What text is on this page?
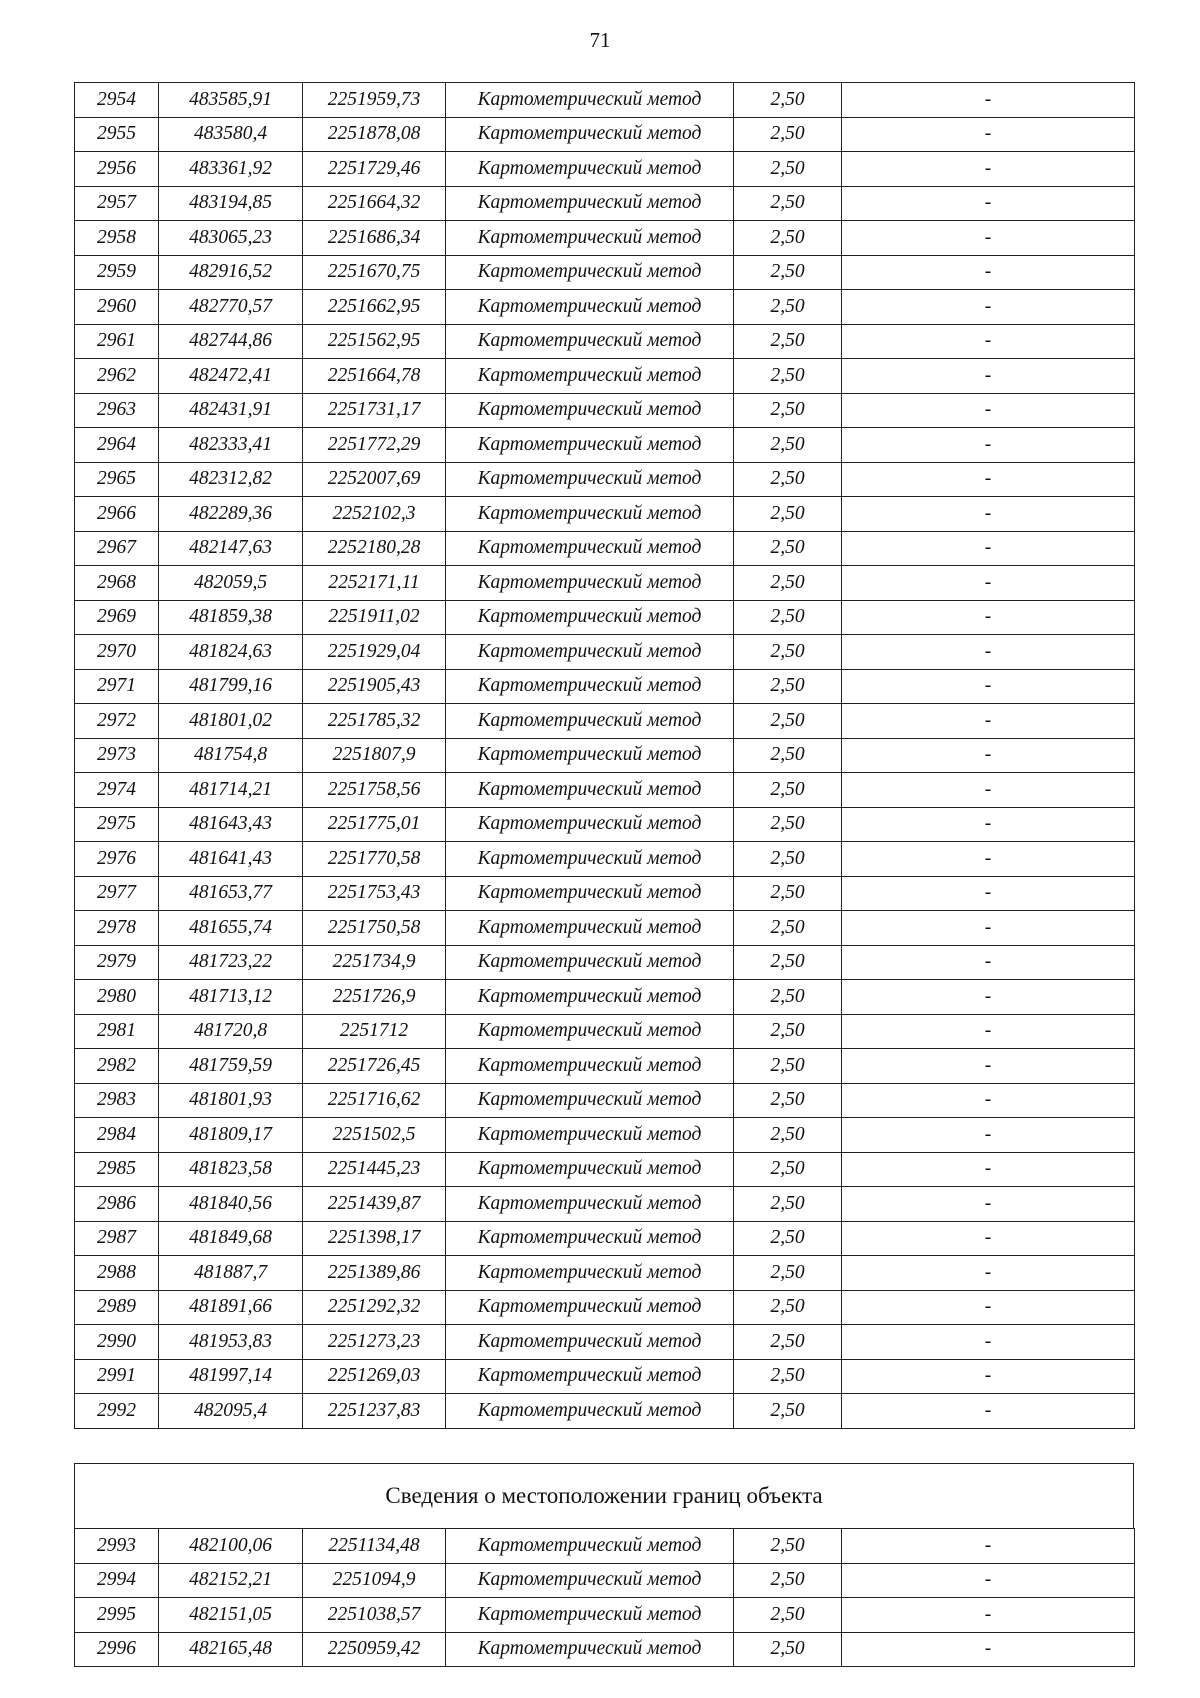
71
2954	483585,91	2251959,73	Картометрический метод	2,50	-
2955	483580,4	2251878,08	Картометрический метод	2,50	-
2956	483361,92	2251729,46	Картометрический метод	2,50	-
2957	483194,85	2251664,32	Картометрический метод	2,50	-
2958	483065,23	2251686,34	Картометрический метод	2,50	-
2959	482916,52	2251670,75	Картометрический метод	2,50	-
2960	482770,57	2251662,95	Картометрический метод	2,50	-
2961	482744,86	2251562,95	Картометрический метод	2,50	-
2962	482472,41	2251664,78	Картометрический метод	2,50	-
2963	482431,91	2251731,17	Картометрический метод	2,50	-
2964	482333,41	2251772,29	Картометрический метод	2,50	-
2965	482312,82	2252007,69	Картометрический метод	2,50	-
2966	482289,36	2252102,3	Картометрический метод	2,50	-
2967	482147,63	2252180,28	Картометрический метод	2,50	-
2968	482059,5	2252171,11	Картометрический метод	2,50	-
2969	481859,38	2251911,02	Картометрический метод	2,50	-
2970	481824,63	2251929,04	Картометрический метод	2,50	-
2971	481799,16	2251905,43	Картометрический метод	2,50	-
2972	481801,02	2251785,32	Картометрический метод	2,50	-
2973	481754,8	2251807,9	Картометрический метод	2,50	-
2974	481714,21	2251758,56	Картометрический метод	2,50	-
2975	481643,43	2251775,01	Картометрический метод	2,50	-
2976	481641,43	2251770,58	Картометрический метод	2,50	-
2977	481653,77	2251753,43	Картометрический метод	2,50	-
2978	481655,74	2251750,58	Картометрический метод	2,50	-
2979	481723,22	2251734,9	Картометрический метод	2,50	-
2980	481713,12	2251726,9	Картометрический метод	2,50	-
2981	481720,8	2251712	Картометрический метод	2,50	-
2982	481759,59	2251726,45	Картометрический метод	2,50	-
2983	481801,93	2251716,62	Картометрический метод	2,50	-
2984	481809,17	2251502,5	Картометрический метод	2,50	-
2985	481823,58	2251445,23	Картометрический метод	2,50	-
2986	481840,56	2251439,87	Картометрический метод	2,50	-
2987	481849,68	2251398,17	Картометрический метод	2,50	-
2988	481887,7	2251389,86	Картометрический метод	2,50	-
2989	481891,66	2251292,32	Картометрический метод	2,50	-
2990	481953,83	2251273,23	Картометрический метод	2,50	-
2991	481997,14	2251269,03	Картометрический метод	2,50	-
2992	482095,4	2251237,83	Картометрический метод	2,50	-
Сведения о местоположении границ объекта
2993	482100,06	2251134,48	Картометрический метод	2,50	-
2994	482152,21	2251094,9	Картометрический метод	2,50	-
2995	482151,05	2251038,57	Картометрический метод	2,50	-
2996	482165,48	2250959,42	Картометрический метод	2,50	-
